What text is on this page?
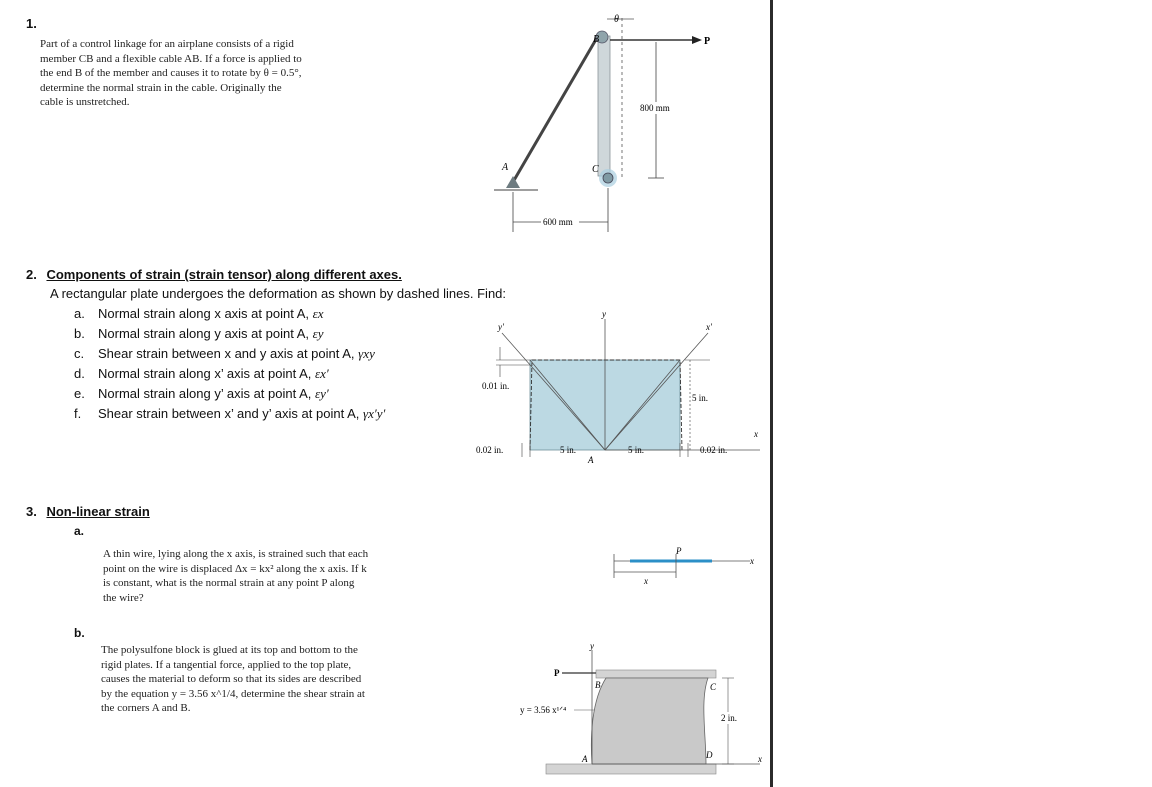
1.
Part of a control linkage for an airplane consists of a rigid
member CB and a flexible cable AB. If a force is applied to
the end B of the member and causes it to rotate by θ = 0.5°,
determine the normal strain in the cable. Originally the
cable is unstretched.
θ
P
B
C
A
800 mm
600 mm
2. Components of strain (strain tensor) along different axes.
A rectangular plate undergoes the deformation as shown by dashed lines. Find:
a. Normal strain along x axis at point A, εx
b. Normal strain along y axis at point A, εy
c. Shear strain between x and y axis at point A, γxy
d. Normal strain along x’ axis at point A, εx′
e. Normal strain along y’ axis at point A, εy′
f. Shear strain between x’ and y’ axis at point A, γx′y′
y
y′	x′
x
A
0.01 in.
5 in.
0.02 in.	5 in.	5 in.	0.02 in.
3. Non-linear strain
a.
A thin wire, lying along the x axis, is strained such that each
point on the wire is displaced Δx = kx² along the x axis. If k
is constant, what is the normal strain at any point P along
the wire?
P
x
x
b.
The polysulfone block is glued at its top and bottom to the
rigid plates. If a tangential force, applied to the top plate,
causes the material to deform so that its sides are described
by the equation y = 3.56 x^1/4, determine the shear strain at
the corners A and B.
y
x
P
B
A
C
D
y = 3.56 x¹ᐟ⁴
2 in.
